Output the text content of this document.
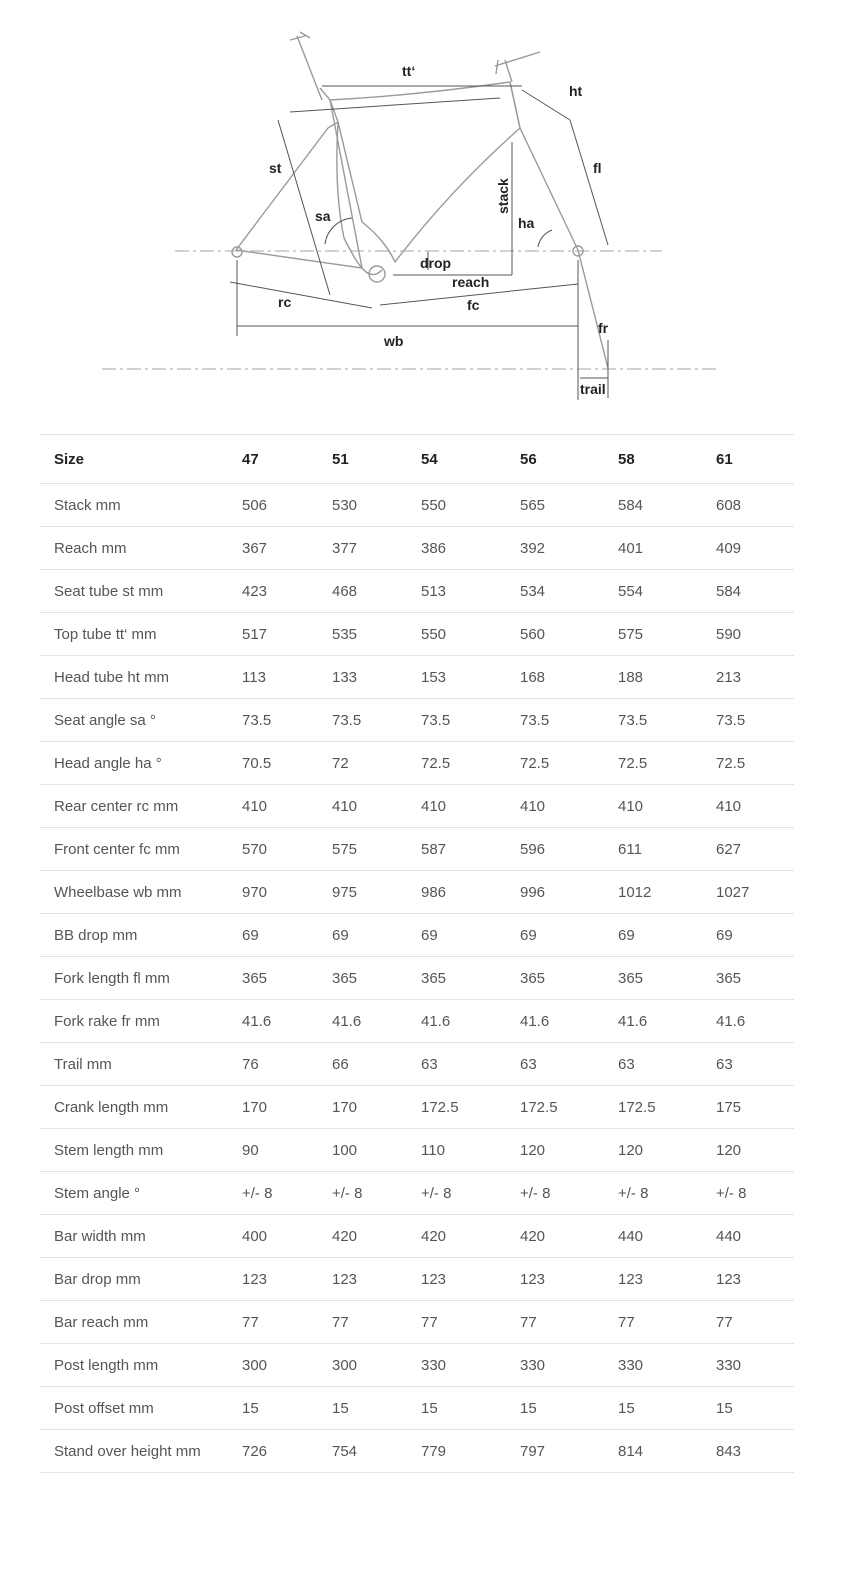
tt‘
ht
st	fl
stack
sa	ha
drop
reach
rc	fc
wb
fr
trail
Size	47	51	54	56	58	61
Stack mm	506	530	550	565	584	608
Reach mm	367	377	386	392	401	409
Seat tube st mm	423	468	513	534	554	584
Top tube tt‘ mm	517	535	550	560	575	590
Head tube ht mm	113	133	153	168	188	213
Seat angle sa °	73.5	73.5	73.5	73.5	73.5	73.5
Head angle ha °	70.5	72	72.5	72.5	72.5	72.5
Rear center rc mm	410	410	410	410	410	410
Front center fc mm	570	575	587	596	611	627
Wheelbase wb mm	970	975	986	996	1012	1027
BB drop mm	69	69	69	69	69	69
Fork length fl mm	365	365	365	365	365	365
Fork rake fr mm	41.6	41.6	41.6	41.6	41.6	41.6
Trail mm	76	66	63	63	63	63
Crank length mm	170	170	172.5	172.5	172.5	175
Stem length mm	90	100	110	120	120	120
Stem angle °	+/- 8	+/- 8	+/- 8	+/- 8	+/- 8	+/- 8
Bar width mm	400	420	420	420	440	440
Bar drop mm	123	123	123	123	123	123
Bar reach mm	77	77	77	77	77	77
Post length mm	300	300	330	330	330	330
Post offset mm	15	15	15	15	15	15
Stand over height mm	726	754	779	797	814	843
